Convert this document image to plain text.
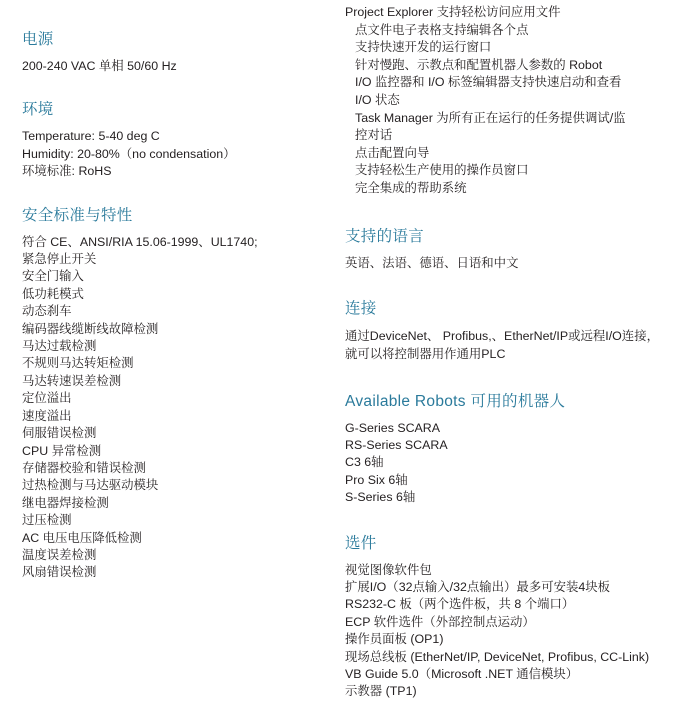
电源

200-240 VAC 单相 50/60 Hz

环境

Temperature: 5-40 deg C

Humidity: 20-80%（no condensation）

环境标准: RoHS

安全标准与特性

符合 CE、ANSI/RIA 15.06-1999、UL1740;

紧急停止开关

安全门输入

低功耗模式

动态刹车

编码器线缆断线故障检测

马达过载检测

不规则马达转矩检测

马达转速误差检测

定位溢出

速度溢出

伺服错误检测

CPU 异常检测

存储器校验和错误检测

过热检测与马达驱动模块

继电器焊接检测

过压检测

AC 电压电压降低检测

温度误差检测

风扇错误检测

Project Explorer 支持轻松访问应用文件

点文件电子表格支持编辑各个点

支持快速开发的运行窗口

针对慢跑、示教点和配置机器人参数的 Robot

I/O 监控器和 I/O 标签编辑器支持快速启动和查看

I/O 状态

Task Manager 为所有正在运行的任务提供调试/监

控对话

点击配置向导

支持轻松生产使用的操作员窗口

完全集成的帮助系统

支持的语言

英语、法语、德语、日语和中文

连接

通过DeviceNet、 Profibus,、EtherNet/IP或远程I/O连接，

就可以将控制器用作通用PLC

Available Robots 可用的机器人

G-Series SCARA

RS-Series SCARA

C3 6轴

Pro Six 6轴

S-Series 6轴

选件

视觉图像软件包

扩展I/O（32点输入/32点输出）最多可安装4块板

RS232-C 板（两个选件板，共 8 个端口）

ECP 软件选件（外部控制点运动）

操作员面板 (OP1)

现场总线板 (EtherNet/IP, DeviceNet, Profibus, CC-Link)

VB Guide 5.0（Microsoft .NET 通信模块）

示教器 (TP1)
